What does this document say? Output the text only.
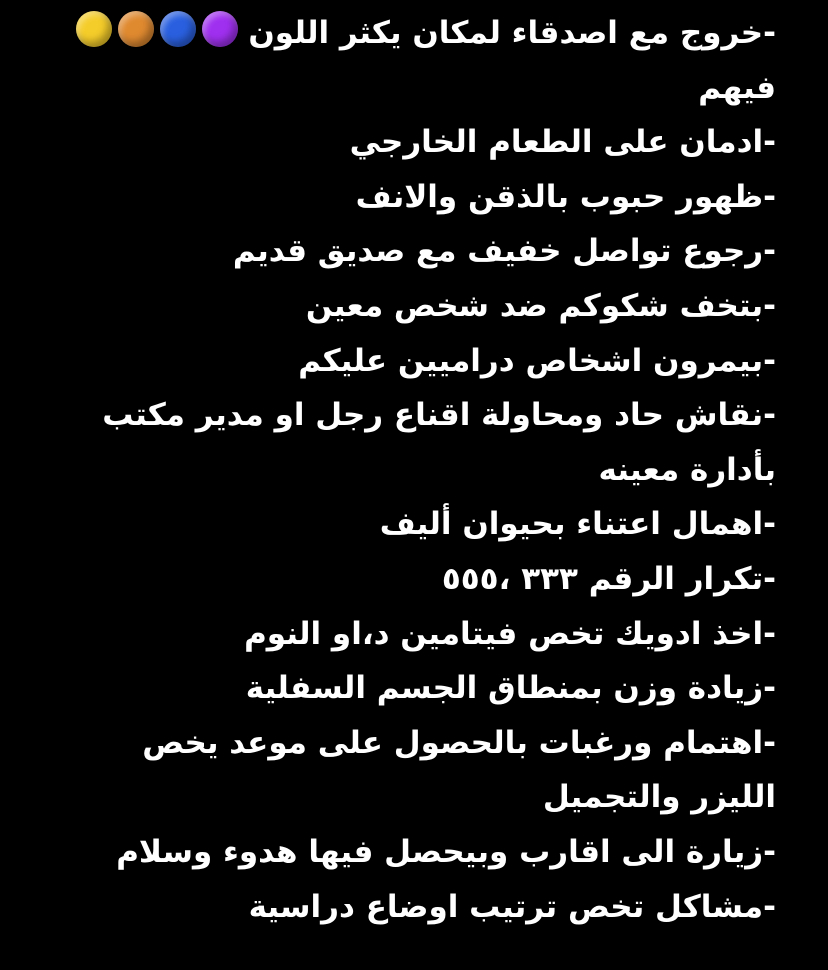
-خروج مع اصدقاء لمكان يكثر اللون
فيهم
-ادمان على الطعام الخارجي
-ظهور حبوب بالذقن والانف
-رجوع تواصل خفيف مع صديق قديم
-بتخف شكوكم ضد شخص معين
-بيمرون اشخاص دراميين عليكم
-نقاش حاد ومحاولة اقناع رجل او مدير مكتب بأدارة معينه
-اهمال اعتناء بحيوان أليف
-تكرار الرقم ٣٣٣ ،٥٥٥
-اخذ ادويك تخص فيتامين د،او النوم
-زيادة وزن بمنطاق الجسم السفلية
-اهتمام ورغبات بالحصول على موعد يخص الليزر والتجميل
-زيارة الى اقارب وبيحصل فيها هدوء وسلام
-مشاكل تخص ترتيب اوضاع دراسية
